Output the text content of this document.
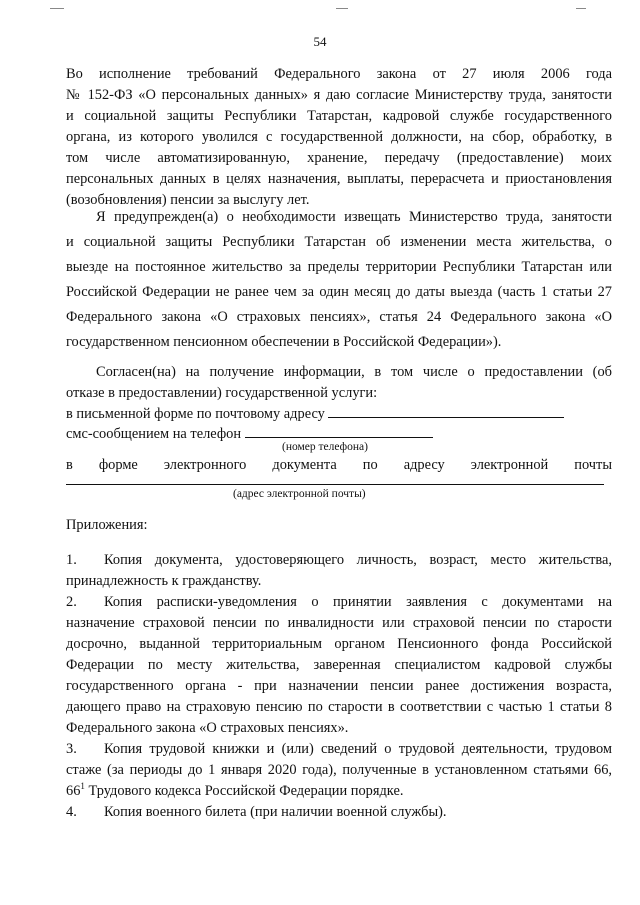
54
Во исполнение требований Федерального закона от 27 июля 2006 года
№ 152-ФЗ «О персональных данных» я даю согласие Министерству труда, занятости
и социальной защиты Республики Татарстан, кадровой службе государственного
органа, из которого уволился с государственной должности, на сбор, обработку, в
том числе автоматизированную, хранение, передачу (предоставление) моих
персональных данных в целях назначения, выплаты, перерасчета и приостановления
(возобновления) пенсии за выслугу лет.
Я предупрежден(а) о необходимости извещать Министерство труда, занятости
и социальной защиты Республики Татарстан об изменении места жительства, о
выезде на постоянное жительство за пределы территории Республики Татарстан или
Российской Федерации не ранее чем за один месяц до даты выезда (часть 1 статьи 27
Федерального закона «О страховых пенсиях», статья 24 Федерального закона «О
государственном пенсионном обеспечении в Российской Федерации»).
Согласен(на) на получение информации, в том числе о предоставлении (об
отказе в предоставлении) государственной услуги:
в письменной форме по почтовому адресу
смс-сообщением на телефон
(номер телефона)
в форме электронного документа по адресу электронной почты
(адрес электронной почты)
Приложения:
1. Копия документа, удостоверяющего личность, возраст, место жительства,
принадлежность к гражданству.
2. Копия расписки-уведомления о принятии заявления с документами на
назначение страховой пенсии по инвалидности или страховой пенсии по старости
досрочно, выданной территориальным органом Пенсионного фонда Российской
Федерации по месту жительства, заверенная специалистом кадровой службы
государственного органа - при назначении пенсии ранее достижения возраста,
дающего право на страховую пенсию по старости в соответствии с частью 1 статьи 8
Федерального закона «О страховых пенсиях».
3. Копия трудовой книжки и (или) сведений о трудовой деятельности, трудовом
стаже (за периоды до 1 января 2020 года), полученные в установленном статьями 66,
$66^1$ Трудового кодекса Российской Федерации порядке.
4. Копия военного билета (при наличии военной службы).
